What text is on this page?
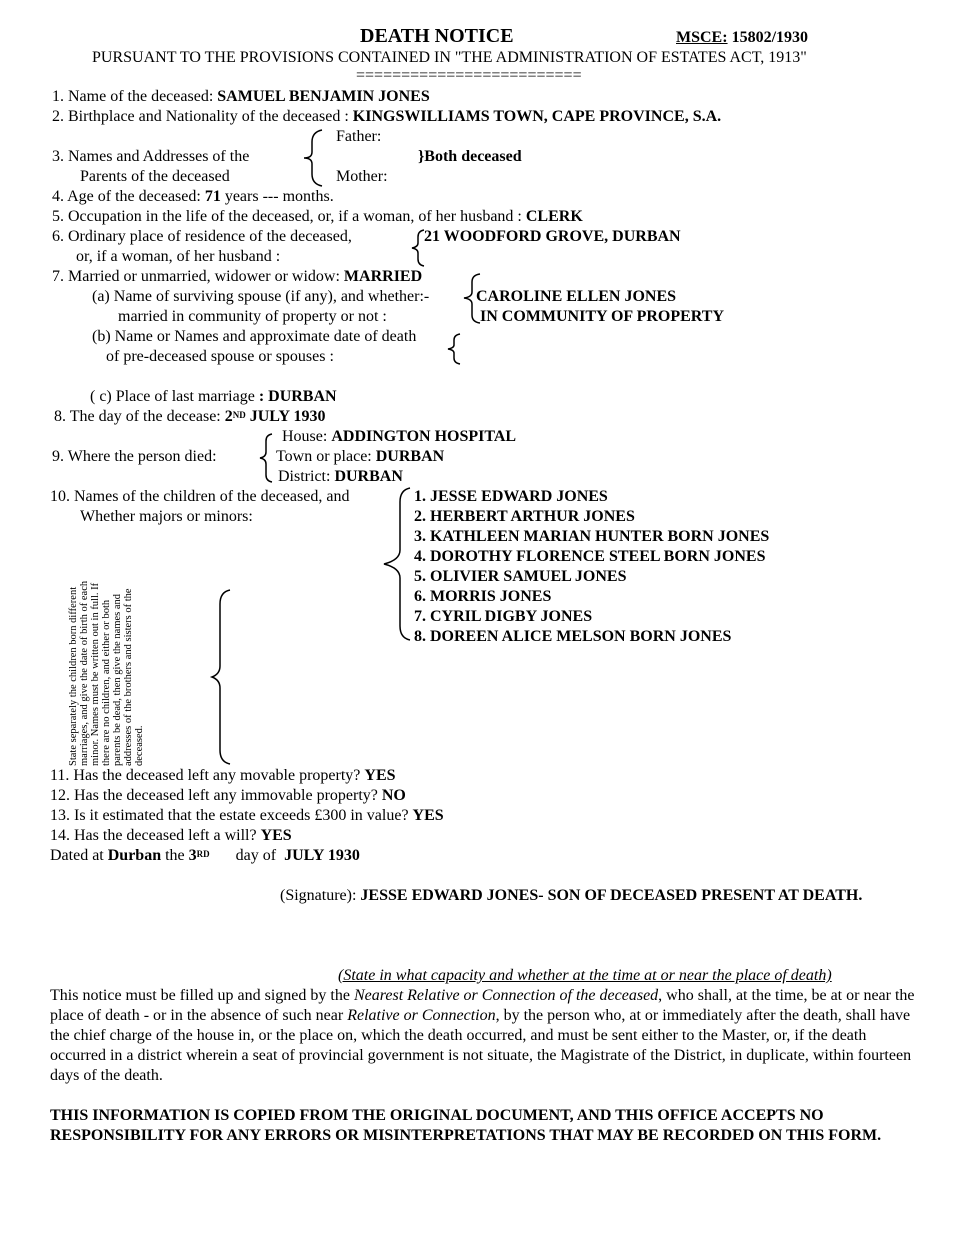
DEATH NOTICE	MSCE: 15802/1930
PURSUANT TO THE PROVISIONS CONTAINED IN "THE ADMINISTRATION OF ESTATES ACT, 1913"
=========================
1. Name of the deceased: SAMUEL BENJAMIN JONES
2. Birthplace and Nationality of the deceased : KINGSWILLIAMS TOWN, CAPE PROVINCE, S.A.
Father:
3. Names and Addresses of the
Parents of the deceased
}Both deceased
Mother:
4. Age of the deceased: 71 years --- months.
5. Occupation in the life of the deceased, or, if a woman, of her husband : CLERK
6. Ordinary place of residence of the deceased,
or, if a woman, of her husband :
21 WOODFORD GROVE, DURBAN
7. Married or unmarried, widower or widow: MARRIED
(a) Name of surviving spouse (if any), and whether:-
married in community of property or not :
CAROLINE ELLEN JONES
IN COMMUNITY OF PROPERTY
(b) Name or Names and approximate date of death
of pre-deceased spouse or spouses :
( c) Place of last marriage : DURBAN
8. The day of the decease: 2ND JULY 1930
House: ADDINGTON HOSPITAL
9. Where the person died:	Town or place: DURBAN
District: DURBAN
10. Names of the children of the deceased, and
Whether majors or minors:
1. JESSE EDWARD JONES
2. HERBERT ARTHUR JONES
3. KATHLEEN MARIAN HUNTER BORN JONES
4. DOROTHY FLORENCE STEEL BORN JONES
5. OLIVIER SAMUEL JONES
6. MORRIS JONES
7. CYRIL DIGBY JONES
8. DOREEN ALICE MELSON BORN JONES
State separately the children born different marriages, and give the date of birth of each minor. Names must be written out in full. If there are no children, and either or both parents be dead, then give the names and addresses of the brothers and sisters of the deceased.
11. Has the deceased left any movable property? YES
12. Has the deceased left any immovable property? NO
13. Is it estimated that the estate exceeds £300 in value? YES
14. Has the deceased left a will? YES
Dated at Durban the 3RD day of JULY 1930
(Signature): JESSE EDWARD JONES- SON OF DECEASED PRESENT AT DEATH.
(State in what capacity and whether at the time at or near the place of death)
This notice must be filled up and signed by the Nearest Relative or Connection of the deceased, who shall, at the time, be at or near the place of death - or in the absence of such near Relative or Connection, by the person who, at or immediately after the death, shall have the chief charge of the house in, or the place on, which the death occurred, and must be sent either to the Master, or, if the death occurred in a district wherein a seat of provincial government is not situate, the Magistrate of the District, in duplicate, within fourteen days of the death.
THIS INFORMATION IS COPIED FROM THE ORIGINAL DOCUMENT, AND THIS OFFICE ACCEPTS NO RESPONSIBILITY FOR ANY ERRORS OR MISINTERPRETATIONS THAT MAY BE RECORDED ON THIS FORM.
